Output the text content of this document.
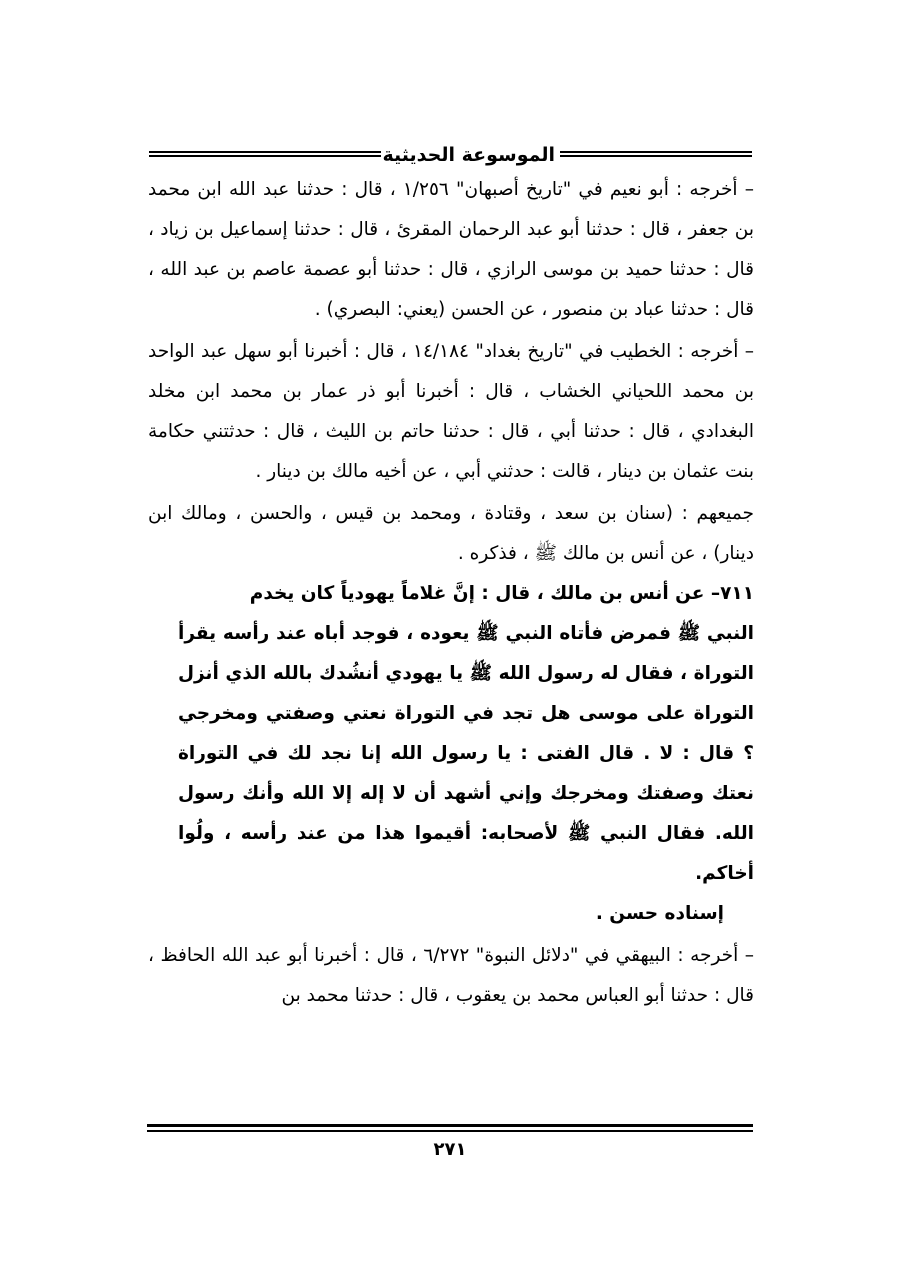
الموسوعة الحديثية

– أخرجه : أبو نعيم في "تاريخ أصبهان" ١/٢٥٦ ، قال : حدثنا عبد الله ابن محمد بن جعفر ، قال : حدثنا أبو عبد الرحمان المقرئ ، قال : حدثنا إسماعيل بن زياد ، قال : حدثنا حميد بن موسى الرازي ، قال : حدثنا أبو عصمة عاصم بن عبد الله ، قال : حدثنا عباد بن منصور ، عن الحسن (يعني: البصري) .

– أخرجه : الخطيب في "تاريخ بغداد" ١٤/١٨٤ ، قال : أخبرنا أبو سهل عبد الواحد بن محمد اللحياني الخشاب ، قال : أخبرنا أبو ذر عمار بن محمد ابن مخلد البغدادي ، قال : حدثنا أبي ، قال : حدثنا حاتم بن الليث ، قال : حدثتني حكامة بنت عثمان بن دينار ، قالت : حدثني أبي ، عن أخيه مالك بن دينار .

جميعهم : (سنان بن سعد ، وقتادة ، ومحمد بن قيس ، والحسن ، ومالك ابن دينار) ، عن أنس بن مالك ﷺ ، فذكره .

٧١١– عن أنس بن مالك ، قال : إنَّ غلاماً يهودياً كان يخدم

النبي ﷺ فمرض فأتاه النبي ﷺ يعوده ، فوجد أباه عند رأسه يقرأ التوراة ، فقال له رسول الله ﷺ يا يهودي أنشُدك بالله الذي أنزل التوراة على موسى هل تجد في التوراة نعتي وصفتي ومخرجي ؟ قال : لا . قال الفتى : يا رسول الله إنا نجد لك في التوراة نعتك وصفتك ومخرجك وإني أشهد أن لا إله إلا الله وأنك رسول الله. فقال النبي ﷺ لأصحابه: أقيموا هذا من عند رأسه ، ولُوا أخاكم.

إسناده حسن .

– أخرجه : البيهقي في "دلائل النبوة" ٦/٢٧٢ ، قال : أخبرنا أبو عبد الله الحافظ ، قال : حدثنا أبو العباس محمد بن يعقوب ، قال : حدثنا محمد بن

٢٧١
